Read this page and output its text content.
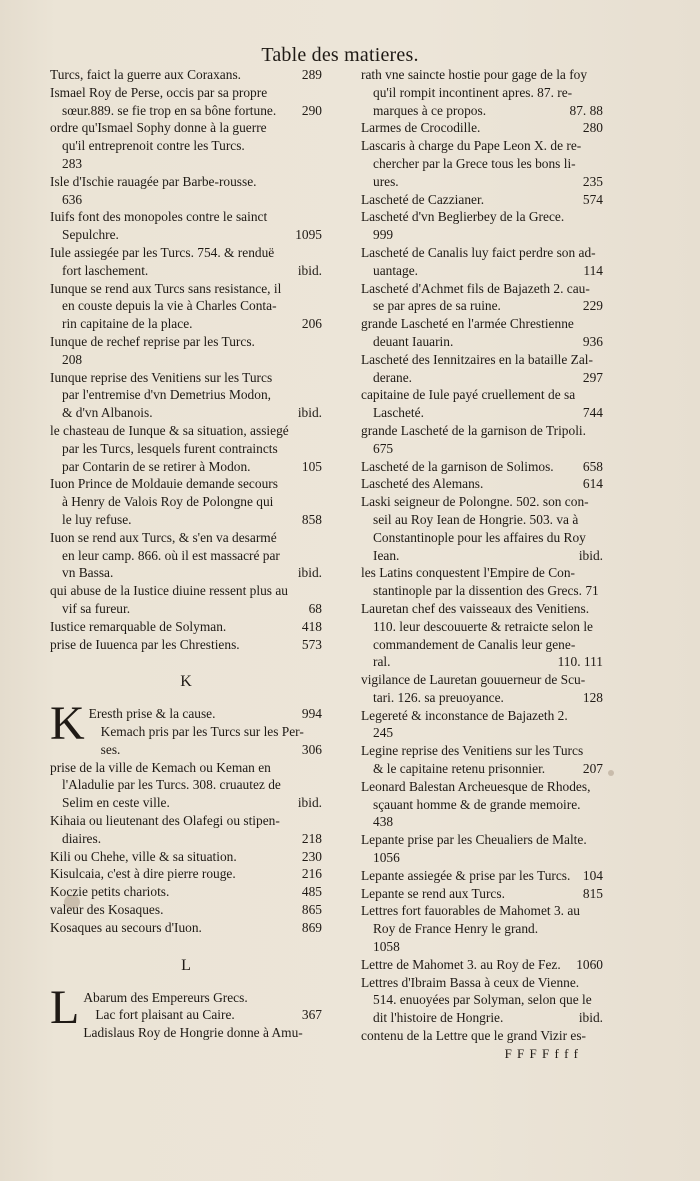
Table des matieres.
Turcs, faict la guerre aux Coraxans.	289
Ismael Roy de Perse, occis par sa propre
sœur.889. se fie trop en sa bône fortune.	290
ordre qu'Ismael Sophy donne à la guerre
qu'il entreprenoit contre les Turcs.
283
Isle d'Ischie rauagée par Barbe-rousse.
636
Iuifs font des monopoles contre le sainct
Sepulchre.	1095
Iule assiegée par les Turcs. 754. & renduë
fort laschement.	ibid.
Iunque se rend aux Turcs sans resistance, il
en couste depuis la vie à Charles Conta-
rin capitaine de la place.	206
Iunque de rechef reprise par les Turcs.
208
Iunque reprise des Venitiens sur les Turcs
par l'entremise d'vn Demetrius Modon,
& d'vn Albanois.	ibid.
le chasteau de Iunque & sa situation, assiegé
par les Turcs, lesquels furent contraincts
par Contarin de se retirer à Modon.	105
Iuon Prince de Moldauie demande secours
à Henry de Valois Roy de Polongne qui
le luy refuse.	858
Iuon se rend aux Turcs, & s'en va desarmé
en leur camp. 866. où il est massacré par
vn Bassa.	ibid.
qui abuse de la Iustice diuine ressent plus au
vif sa fureur.	68
Iustice remarquable de Solyman.	418
prise de Iuuenca par les Chrestiens.	573
K
K Eresth prise & la cause.	994
Kemach pris par les Turcs sur les Per-
ses.	306
prise de la ville de Kemach ou Keman en
l'Aladulie par les Turcs. 308. cruautez de
Selim en ceste ville.	ibid.
Kihaia ou lieutenant des Olafegi ou stipen-
diaires.	218
Kili ou Chehe, ville & sa situation.	230
Kisulcaia, c'est à dire pierre rouge.	216
Koczie petits chariots.	485
valeur des Kosaques.	865
Kosaques au secours d'Iuon.	869
L
L Abarum des Empereurs Grecs.
Lac fort plaisant au Caire.	367
Ladislaus Roy de Hongrie donne à Amu-
rath vne saincte hostie pour gage de la foy
qu'il rompit incontinent apres. 87. re-
marques à ce propos.	87. 88
Larmes de Crocodille.	280
Lascaris à charge du Pape Leon X. de re-
chercher par la Grece tous les bons li-
ures.	235
Lascheté de Cazzianer.	574
Lascheté d'vn Beglierbey de la Grece.
999
Lascheté de Canalis luy faict perdre son ad-
uantage.	114
Lascheté d'Achmet fils de Bajazeth 2. cau-
se par apres de sa ruine.	229
grande Lascheté en l'armée Chrestienne
deuant Iauarin.	936
Lascheté des Iennitzaires en la bataille Zal-
derane.	297
capitaine de Iule payé cruellement de sa
Lascheté.	744
grande Lascheté de la garnison de Tripoli.
675
Lascheté de la garnison de Solimos.	658
Lascheté des Alemans.	614
Laski seigneur de Polongne. 502. son con-
seil au Roy Iean de Hongrie. 503. va à
Constantinople pour les affaires du Roy
Iean.	ibid.
les Latins conquestent l'Empire de Con-
stantinople par la dissention des Grecs. 71
Lauretan chef des vaisseaux des Venitiens.
110. leur descouuerte & retraicte selon le
commandement de Canalis leur gene-
ral.	110. 111
vigilance de Lauretan gouuerneur de Scu-
tari. 126. sa preuoyance.	128
Legereté & inconstance de Bajazeth 2.
245
Legine reprise des Venitiens sur les Turcs
& le capitaine retenu prisonnier.	207
Leonard Balestan Archeuesque de Rhodes,
sçauant homme & de grande memoire.
438
Lepante prise par les Cheualiers de Malte.
1056
Lepante assiegée & prise par les Turcs. 104
Lepante se rend aux Turcs.	815
Lettres fort fauorables de Mahomet 3. au
Roy de France Henry le grand.
1058
Lettre de Mahomet 3. au Roy de Fez.	1060
Lettres d'Ibraim Bassa à ceux de Vienne.
514. enuoyées par Solyman, selon que le
dit l'histoire de Hongrie.	ibid.
contenu de la Lettre que le grand Vizir es-
F F F F f f f
